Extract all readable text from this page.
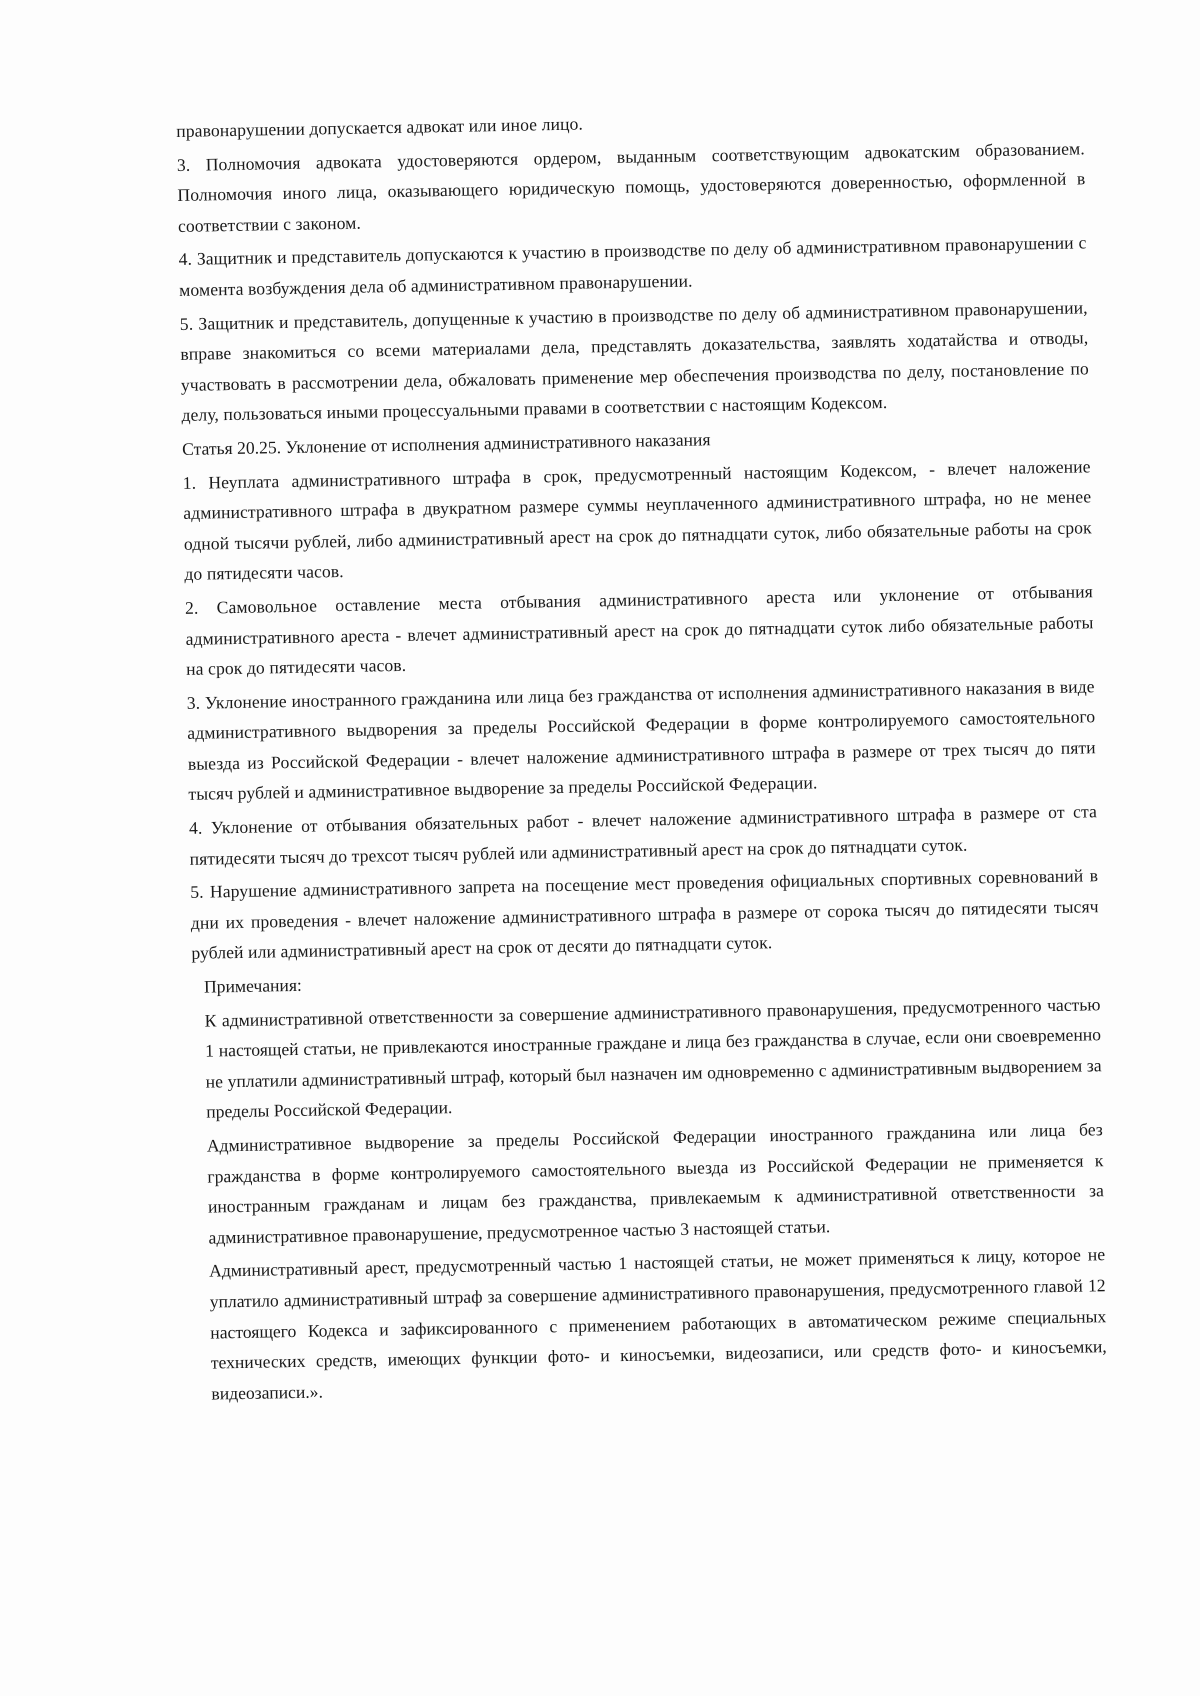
правонарушении допускается адвокат или иное лицо.

3. Полномочия адвоката удостоверяются ордером, выданным соответствующим адвокатским образованием. Полномочия иного лица, оказывающего юридическую помощь, удостоверяются доверенностью, оформленной в соответствии с законом.

4. Защитник и представитель допускаются к участию в производстве по делу об административном правонарушении с момента возбуждения дела об административном правонарушении.

5. Защитник и представитель, допущенные к участию в производстве по делу об административном правонарушении, вправе знакомиться со всеми материалами дела, представлять доказательства, заявлять ходатайства и отводы, участвовать в рассмотрении дела, обжаловать применение мер обеспечения производства по делу, постановление по делу, пользоваться иными процессуальными правами в соответствии с настоящим Кодексом.

Статья 20.25. Уклонение от исполнения административного наказания

1. Неуплата административного штрафа в срок, предусмотренный настоящим Кодексом, - влечет наложение административного штрафа в двукратном размере суммы неуплаченного административного штрафа, но не менее одной тысячи рублей, либо административный арест на срок до пятнадцати суток, либо обязательные работы на срок до пятидесяти часов.

2. Самовольное оставление места отбывания административного ареста или уклонение от отбывания административного ареста - влечет административный арест на срок до пятнадцати суток либо обязательные работы на срок до пятидесяти часов.

3. Уклонение иностранного гражданина или лица без гражданства от исполнения административного наказания в виде административного выдворения за пределы Российской Федерации в форме контролируемого самостоятельного выезда из Российской Федерации - влечет наложение административного штрафа в размере от трех тысяч до пяти тысяч рублей и административное выдворение за пределы Российской Федерации.

4. Уклонение от отбывания обязательных работ - влечет наложение административного штрафа в размере от ста пятидесяти тысяч до трехсот тысяч рублей или административный арест на срок до пятнадцати суток.

5. Нарушение административного запрета на посещение мест проведения официальных спортивных соревнований в дни их проведения - влечет наложение административного штрафа в размере от сорока тысяч до пятидесяти тысяч рублей или административный арест на срок от десяти до пятнадцати суток.

Примечания:

К административной ответственности за совершение административного правонарушения, предусмотренного частью 1 настоящей статьи, не привлекаются иностранные граждане и лица без гражданства в случае, если они своевременно не уплатили административный штраф, который был назначен им одновременно с административным выдворением за пределы Российской Федерации.

Административное выдворение за пределы Российской Федерации иностранного гражданина или лица без гражданства в форме контролируемого самостоятельного выезда из Российской Федерации не применяется к иностранным гражданам и лицам без гражданства, привлекаемым к административной ответственности за административное правонарушение, предусмотренное частью 3 настоящей статьи.

Административный арест, предусмотренный частью 1 настоящей статьи, не может применяться к лицу, которое не уплатило административный штраф за совершение административного правонарушения, предусмотренного главой 12 настоящего Кодекса и зафиксированного с применением работающих в автоматическом режиме специальных технических средств, имеющих функции фото- и киносъемки, видеозаписи, или средств фото- и киносъемки, видеозаписи.».
